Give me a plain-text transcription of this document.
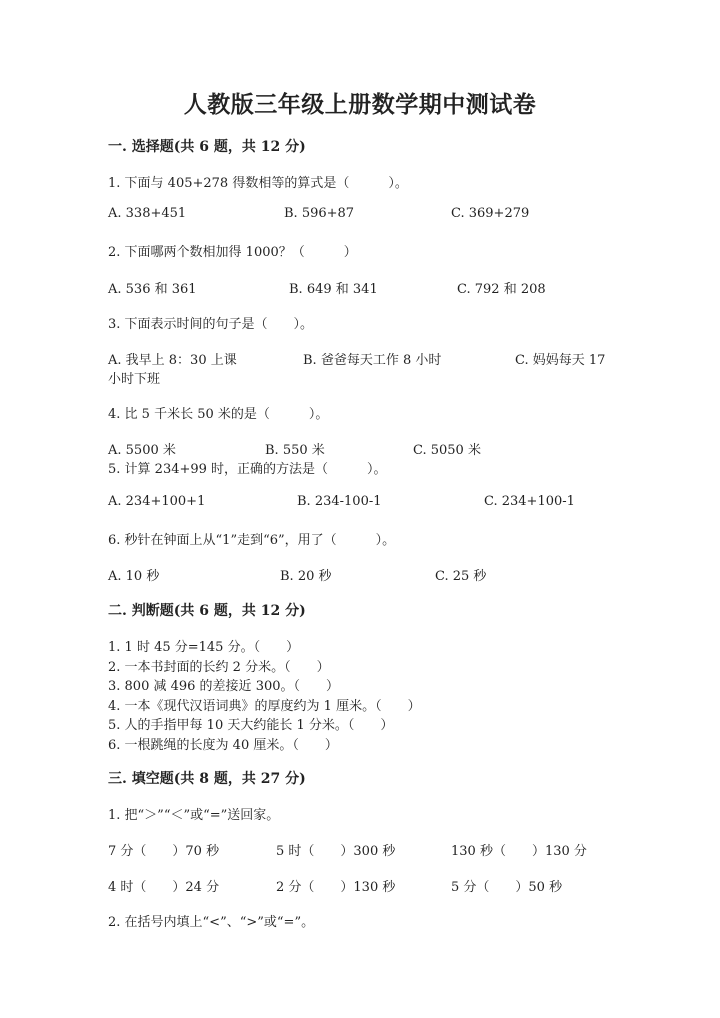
人教版三年级上册数学期中测试卷
一. 选择题(共 6 题，共 12 分)
1. 下面与 405+278 得数相等的算式是（　　　）。
A. 338+451	B. 596+87	C. 369+279
2. 下面哪两个数相加得 1000？（　　　）
A. 536 和 361	B. 649 和 341	C. 792 和 208
3. 下面表示时间的句子是（　　）。
A. 我早上 8：30 上课	B. 爸爸每天工作 8 小时	C. 妈妈每天 17
小时下班
4. 比 5 千米长 50 米的是（　　　）。
A. 5500 米	B. 550 米	C. 5050 米
5. 计算 234+99 时，正确的方法是（　　　）。
A. 234+100+1	B. 234-100-1	C. 234+100-1
6. 秒针在钟面上从“1”走到“6”，用了（　　　）。
A. 10 秒	B. 20 秒	C. 25 秒
二. 判断题(共 6 题，共 12 分)
1. 1 时 45 分=145 分。（　　）
2. 一本书封面的长约 2 分米。（　　）
3. 800 减 496 的差接近 300。（　　）
4. 一本《现代汉语词典》的厚度约为 1 厘米。（　　）
5. 人的手指甲每 10 天大约能长 1 分米。（　　）
6. 一根跳绳的长度为 40 厘米。（　　）
三. 填空题(共 8 题，共 27 分)
1. 把“＞”“＜”或“=”送回家。
7 分（　　）70 秒	5 时（　　）300 秒	130 秒（　　）130 分
4 时（　　）24 分	2 分（　　）130 秒	5 分（　　）50 秒
2. 在括号内填上“<”、“>”或“=”。
